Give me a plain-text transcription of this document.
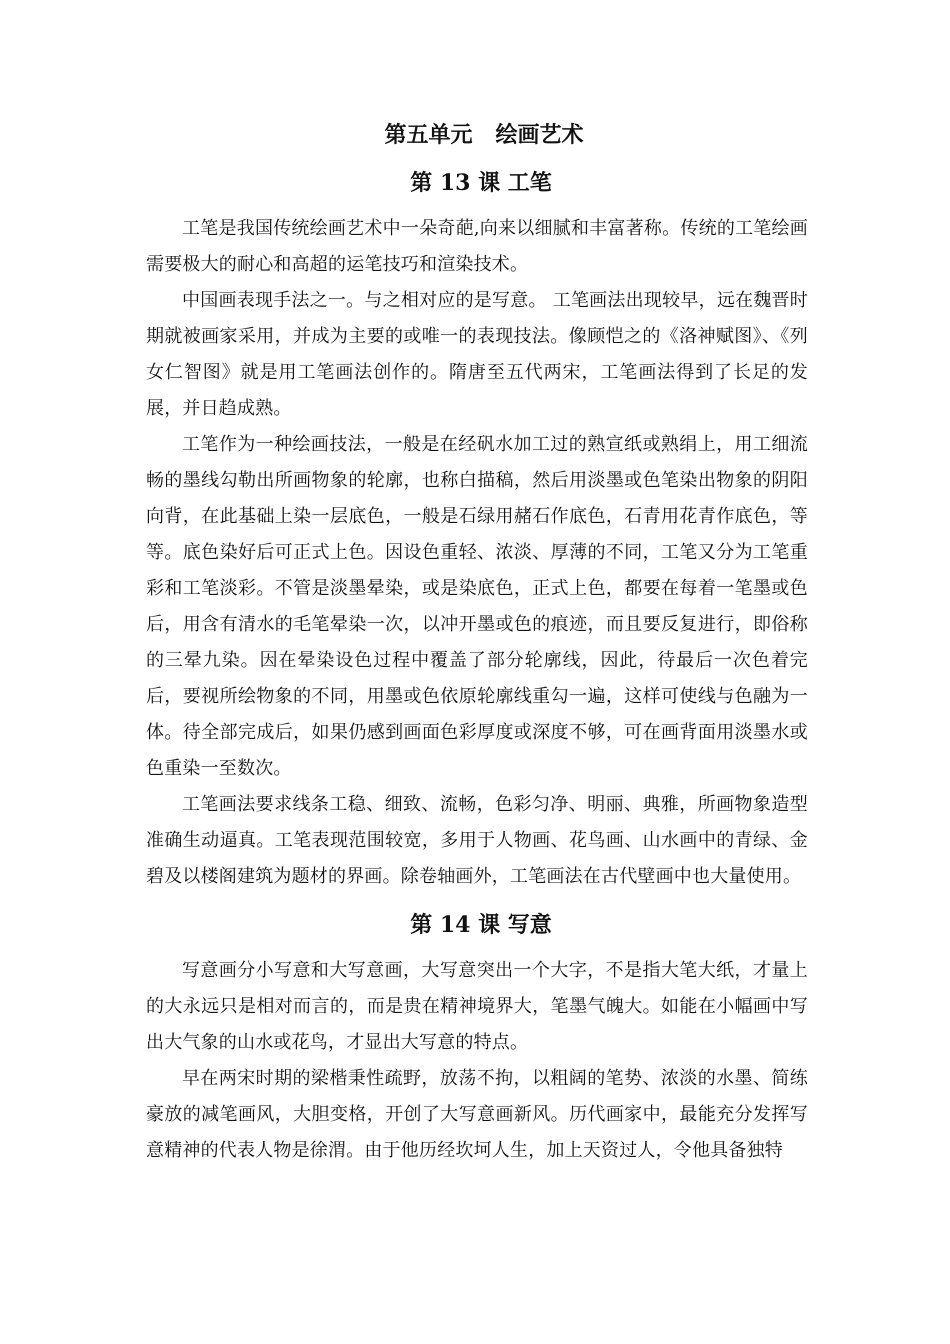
第五单元   绘画艺术
第 13 课 工笔

工笔是我国传统绘画艺术中一朵奇葩,向来以细腻和丰富著称。传统的工笔绘画需要极大的耐心和高超的运笔技巧和渲染技术。

中国画表现手法之一。与之相对应的是写意。 工笔画法出现较早，远在魏晋时期就被画家采用，并成为主要的或唯一的表现技法。像顾恺之的《洛神赋图》、《列女仁智图》就是用工笔画法创作的。隋唐至五代两宋，工笔画法得到了长足的发展，并日趋成熟。

工笔作为一种绘画技法，一般是在经矾水加工过的熟宣纸或熟绢上，用工细流畅的墨线勾勒出所画物象的轮廓，也称白描稿，然后用淡墨或色笔染出物象的阴阳向背，在此基础上染一层底色，一般是石绿用赭石作底色，石青用花青作底色，等等。底色染好后可正式上色。因设色重轻、浓淡、厚薄的不同，工笔又分为工笔重彩和工笔淡彩。不管是淡墨晕染，或是染底色，正式上色，都要在每着一笔墨或色后，用含有清水的毛笔晕染一次，以冲开墨或色的痕迹，而且要反复进行，即俗称的三晕九染。因在晕染设色过程中覆盖了部分轮廓线，因此，待最后一次色着完后，要视所绘物象的不同，用墨或色依原轮廓线重勾一遍，这样可使线与色融为一体。待全部完成后，如果仍感到画面色彩厚度或深度不够，可在画背面用淡墨水或色重染一至数次。

工笔画法要求线条工稳、细致、流畅，色彩匀净、明丽、典雅，所画物象造型准确生动逼真。工笔表现范围较宽，多用于人物画、花鸟画、山水画中的青绿、金碧及以楼阁建筑为题材的界画。除卷轴画外，工笔画法在古代壁画中也大量使用。

第 14 课 写意

写意画分小写意和大写意画，大写意突出一个大字，不是指大笔大纸，才量上的大永远只是相对而言的，而是贵在精神境界大，笔墨气魄大。如能在小幅画中写出大气象的山水或花鸟，才显出大写意的特点。

早在两宋时期的梁楷秉性疏野，放荡不拘，以粗阔的笔势、浓淡的水墨、简练豪放的减笔画风，大胆变格，开创了大写意画新风。历代画家中，最能充分发挥写意精神的代表人物是徐渭。由于他历经坎坷人生，加上天资过人，令他具备独特
